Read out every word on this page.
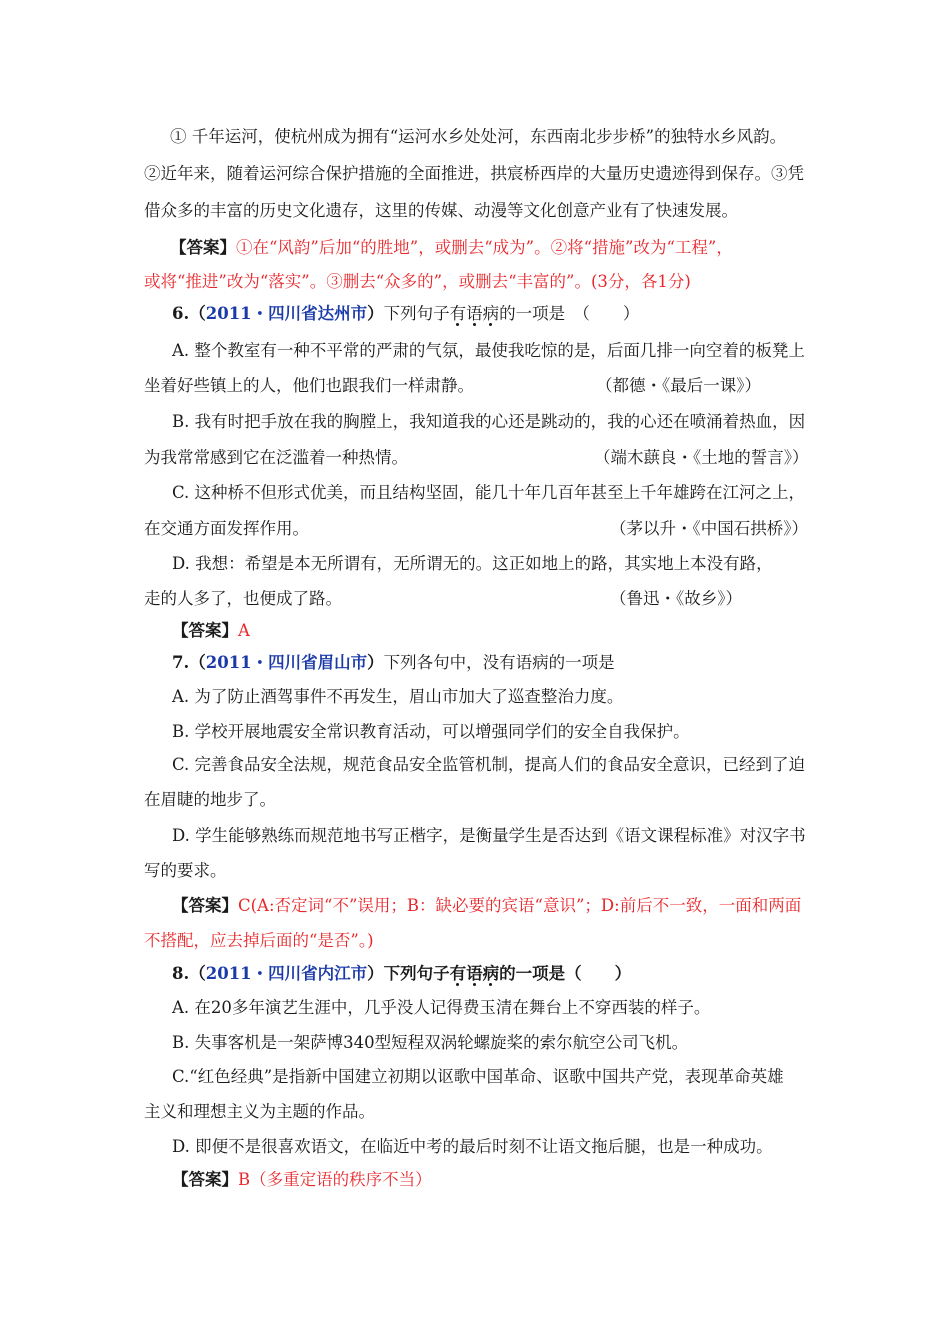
① 千年运河，使杭州成为拥有“运河水乡处处河，东西南北步步桥”的独特水乡风韵。
②近年来，随着运河综合保护措施的全面推进，拱宸桥西岸的大量历史遗迹得到保存。③凭
借众多的丰富的历史文化遗存，这里的传媒、动漫等文化创意产业有了快速发展。
【答案】①在“风韵”后加“的胜地”，或删去“成为”。②将“措施”改为“工程”，
或将“推进”改为“落实”。③删去“众多的”，或删去“丰富的”。(3分，各1分)
6.（2011・四川省达州市）下列句子有语病的一项是　（　　）
A. 整个教室有一种不平常的严肃的气氛，最使我吃惊的是，后面几排一向空着的板凳上
坐着好些镇上的人，他们也跟我们一样肃静。	（都德・《最后一课》）
B. 我有时把手放在我的胸膛上，我知道我的心还是跳动的，我的心还在喷涌着热血，因
为我常常感到它在泛滥着一种热情。	（端木蕻良・《土地的誓言》）
C. 这种桥不但形式优美，而且结构坚固，能几十年几百年甚至上千年雄跨在江河之上，
在交通方面发挥作用。	（茅以升・《中国石拱桥》）
D. 我想：希望是本无所谓有，无所谓无的。这正如地上的路，其实地上本没有路，
走的人多了，也便成了路。	（鲁迅・《故乡》）
【答案】A
7.（2011・四川省眉山市）下列各句中，没有语病的一项是
A. 为了防止酒驾事件不再发生，眉山市加大了巡查整治力度。
B. 学校开展地震安全常识教育活动，可以增强同学们的安全自我保护。
C. 完善食品安全法规，规范食品安全监管机制，提高人们的食品安全意识，已经到了迫
在眉睫的地步了。
D. 学生能够熟练而规范地书写正楷字，是衡量学生是否达到《语文课程标准》对汉字书
写的要求。
【答案】C(A:否定词“不”误用；B：缺必要的宾语“意识”；D:前后不一致，一面和两面
不搭配，应去掉后面的“是否”。)
8.（2011・四川省内江市）下列句子有语病的一项是（　　）
A. 在20多年演艺生涯中，几乎没人记得费玉清在舞台上不穿西装的样子。
B. 失事客机是一架萨博340型短程双涡轮螺旋桨的索尔航空公司飞机。
C.“红色经典”是指新中国建立初期以讴歌中国革命、讴歌中国共产党，表现革命英雄
主义和理想主义为主题的作品。
D. 即便不是很喜欢语文，在临近中考的最后时刻不让语文拖后腿，也是一种成功。
【答案】B（多重定语的秩序不当）
